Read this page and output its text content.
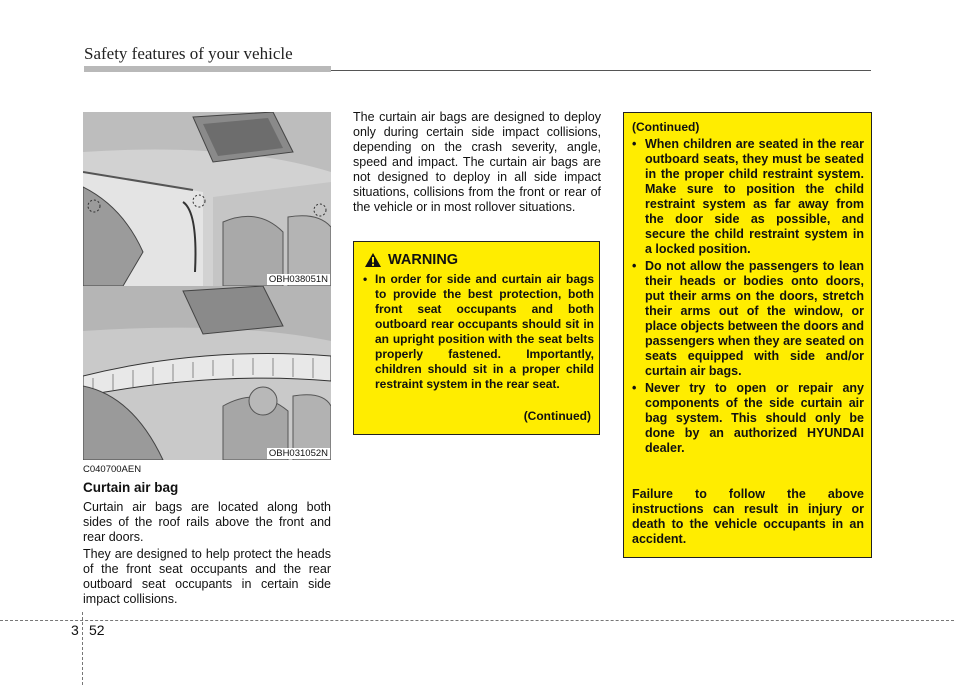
Safety features of your vehicle
OBH038051N
OBH031052N
C040700AEN
Curtain air bag

Curtain air bags are located along both sides of the roof rails above the front and rear doors.

They are designed to help protect the heads of the front seat occupants and the rear outboard seat occupants in certain side impact collisions.

The curtain air bags are designed to deploy only during certain side impact collisions, depending on the crash severity, angle, speed and impact. The curtain air bags are not designed to deploy in all side impact situations, collisions from the front or rear of the vehicle or in most rollover situations.

WARNING
• In order for side and curtain air bags to provide the best protection, both front seat occupants and both outboard rear occupants should sit in an upright position with the seat belts properly fastened. Importantly, children should sit in a proper child restraint system in the rear seat.
(Continued)
(Continued)
• When children are seated in the rear outboard seats, they must be seated in the proper child restraint system. Make sure to position the child restraint system as far away from the door side as possible, and secure the child restraint system in a locked position.
• Do not allow the passengers to lean their heads or bodies onto doors, put their arms on the doors, stretch their arms out of the window, or place objects between the doors and passengers when they are seated on seats equipped with side and/or curtain air bags.
• Never try to open or repair any components of the side curtain air bag system. This should only be done by an authorized HYUNDAI dealer.

Failure to follow the above instructions can result in injury or death to the vehicle occupants in an accident.

3 52
